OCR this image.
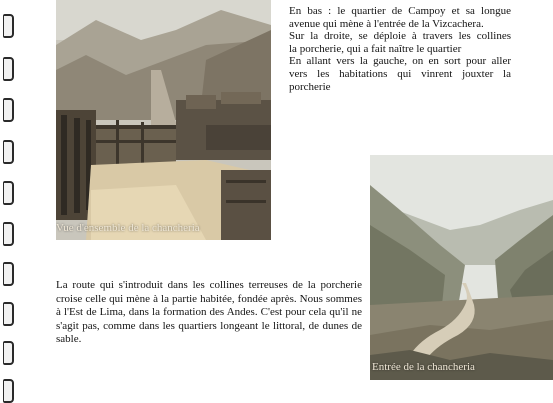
Vue d'ensemble de la chancheria
En bas : le quartier de Campoy et sa longue
avenue qui mène à l'entrée de la Vizcachera.
Sur la droite, se déploie à travers les collines
la porcherie, qui a fait naître le quartier
En allant vers la gauche, on en sort pour aller
vers les habitations qui vinrent jouxter la
porcherie
Entrée de la chancheria
La route qui s'introduit dans les collines terreuses de la porcherie croise celle qui mène à la partie habitée, fondée après. Nous sommes à l'Est de Lima, dans la formation des Andes. C'est pour cela qu'il ne s'agit pas, comme dans les quartiers longeant le littoral, de dunes de sable.
